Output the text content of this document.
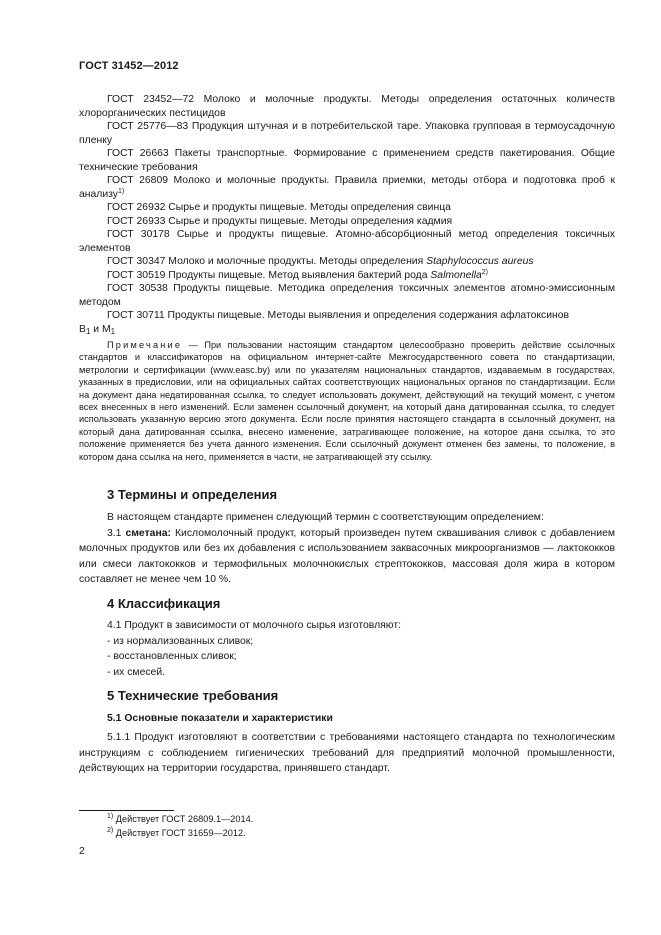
ГОСТ 31452—2012

ГОСТ 23452—72 Молоко и молочные продукты. Методы определения остаточных количеств хлорорганических пестицидов

ГОСТ 25776—83 Продукция штучная и в потребительской таре. Упаковка групповая в термоусадочную пленку

ГОСТ 26663 Пакеты транспортные. Формирование с применением средств пакетирования. Общие технические требования

ГОСТ 26809 Молоко и молочные продукты. Правила приемки, методы отбора и подготовка проб к анализу$^{1)}$

ГОСТ 26932 Сырье и продукты пищевые. Методы определения свинца

ГОСТ 26933 Сырье и продукты пищевые. Методы определения кадмия

ГОСТ 30178 Сырье и продукты пищевые. Атомно-абсорбционный метод определения токсичных элементов

ГОСТ 30347 Молоко и молочные продукты. Методы определения Staphylococcus aureus

ГОСТ 30519 Продукты пищевые. Метод выявления бактерий рода Salmonella$^{2)}$

ГОСТ 30538 Продукты пищевые. Методика определения токсичных элементов атомно-эмиссионным методом

ГОСТ 30711 Продукты пищевые. Методы выявления и определения содержания афлатоксинов

$B_1$ и $M_1$

Примечание — При пользовании настоящим стандартом целесообразно проверить действие ссылочных стандартов и классификаторов на официальном интернет-сайте Межгосударственного совета по стандартизации, метрологии и сертификации (www.easc.by) или по указателям национальных стандартов, издаваемым в государствах, указанных в предисловии, или на официальных сайтах соответствующих национальных органов по стандартизации. Если на документ дана недатированная ссылка, то следует использовать документ, действующий на текущий момент, с учетом всех внесенных в него изменений. Если заменен ссылочный документ, на который дана датированная ссылка, то следует использовать указанную версию этого документа. Если после принятия настоящего стандарта в ссылочный документ, на который дана датированная ссылка, внесено изменение, затрагивающее положение, на которое дана ссылка, то это положение применяется без учета данного изменения. Если ссылочный документ отменен без замены, то положение, в котором дана ссылка на него, применяется в части, не затрагивающей эту ссылку.

3 Термины и определения

В настоящем стандарте применен следующий термин с соответствующим определением:

3.1 сметана: Кисломолочный продукт, который произведен путем сквашивания сливок с добавлением молочных продуктов или без их добавления с использованием заквасочных микроорганизмов — лактококков или смеси лактококков и термофильных молочнокислых стрептококков, массовая доля жира в котором составляет не менее чем 10 %.

4 Классификация

4.1 Продукт в зависимости от молочного сырья изготовляют:

- из нормализованных сливок;

- восстановленных сливок;

- их смесей.

5 Технические требования
5.1 Основные показатели и характеристики

5.1.1 Продукт изготовляют в соответствии с требованиями настоящего стандарта по технологическим инструкциям с соблюдением гигиенических требований для предприятий молочной промышленности, действующих на территории государства, принявшего стандарт.

$^{1)}$ Действует ГОСТ 26809.1—2014.
$^{2)}$ Действует ГОСТ 31659—2012.
2
